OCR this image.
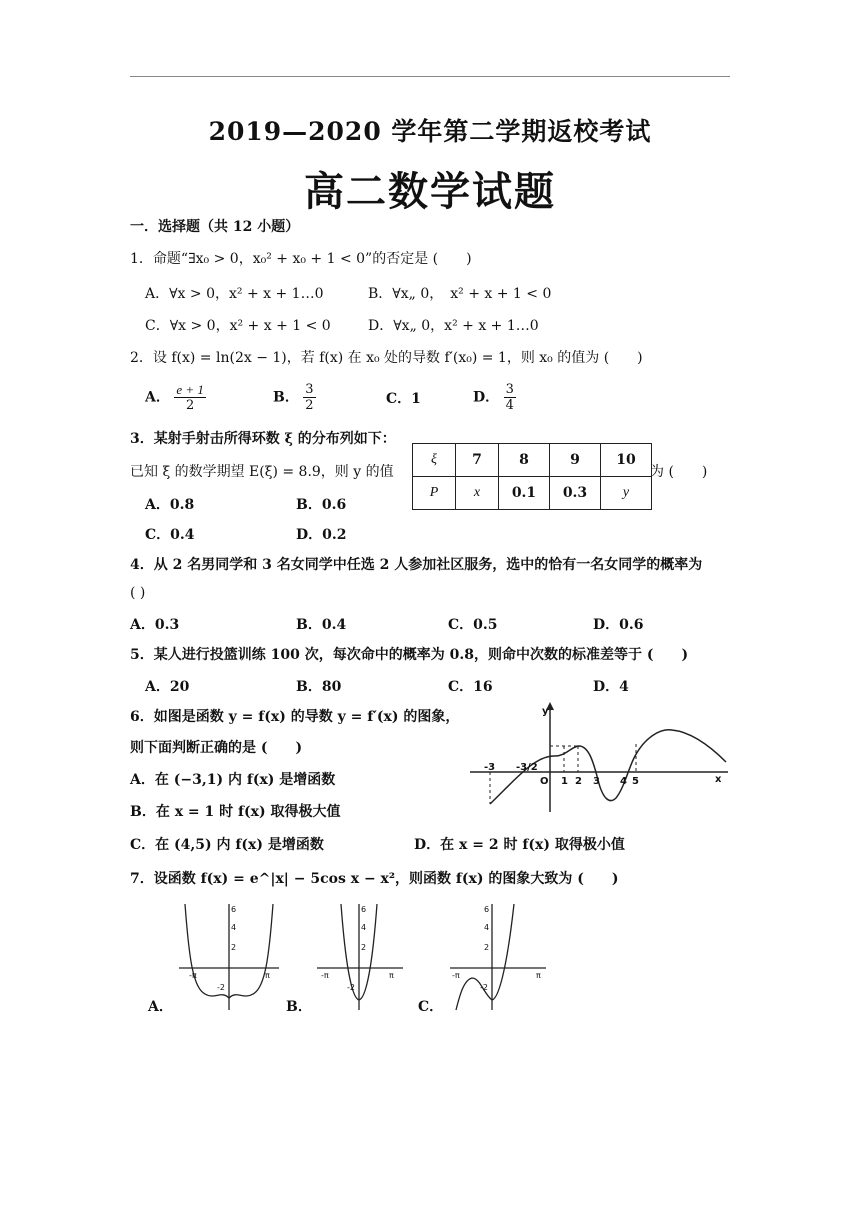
2019—2020 学年第二学期返校考试
高二数学试题
一．选择题（共 12 小题）
1．命题“∃x₀ > 0，x₀² + x₀ + 1 < 0”的否定是 (　　)
A．∀x > 0，x² + x + 1…0	B．∀x„ 0，　x² + x + 1 < 0
C．∀x > 0，x² + x + 1 < 0	D．∀x„ 0，x² + x + 1…0
2．设 f(x) = ln(2x − 1)，若 f(x) 在 x₀ 处的导数 f′(x₀) = 1，则 x₀ 的值为 (　　)
A． $\frac{e + 1}{2}$	B． $\frac{3}{2}$	C．1	D． $\frac{3}{4}$
3．某射手射击所得环数 ξ 的分布列如下：
已知 ξ 的数学期望 E(ξ) = 8.9，则 y 的值
ξ	7	8	9	10
P	x	0.1	0.3	y
为 (　　)
A．0.8	B．0.6
C．0.4	D．0.2
4．从 2 名男同学和 3 名女同学中任选 2 人参加社区服务，选中的恰有一名女同学的概率为
( )
A．0.3	B．0.4	C．0.5	D．0.6
5．某人进行投篮训练 100 次，每次命中的概率为 0.8，则命中次数的标准差等于 (　　)
A．20	B．80	C．16	D．4
6．如图是函数 y = f(x) 的导数 y = f′(x) 的图象，
则下面判断正确的是 (　　)
A．在 (−3,1) 内 f(x) 是增函数
B．在 x = 1 时 f(x) 取得极大值
C．在 (4,5) 内 f(x) 是增函数	D．在 x = 2 时 f(x) 取得极小值
y
x
O
-3 -3/2
1 2 3 4 5
7．设函数 f(x) = e^|x| − 5cos x − x²，则函数 f(x) 的图象大致为 (　　)
6
4
2
-2
-π	π
A．
6
4
2
-2
-π	π
B．
6
4
2
-2
-π	π
C．
